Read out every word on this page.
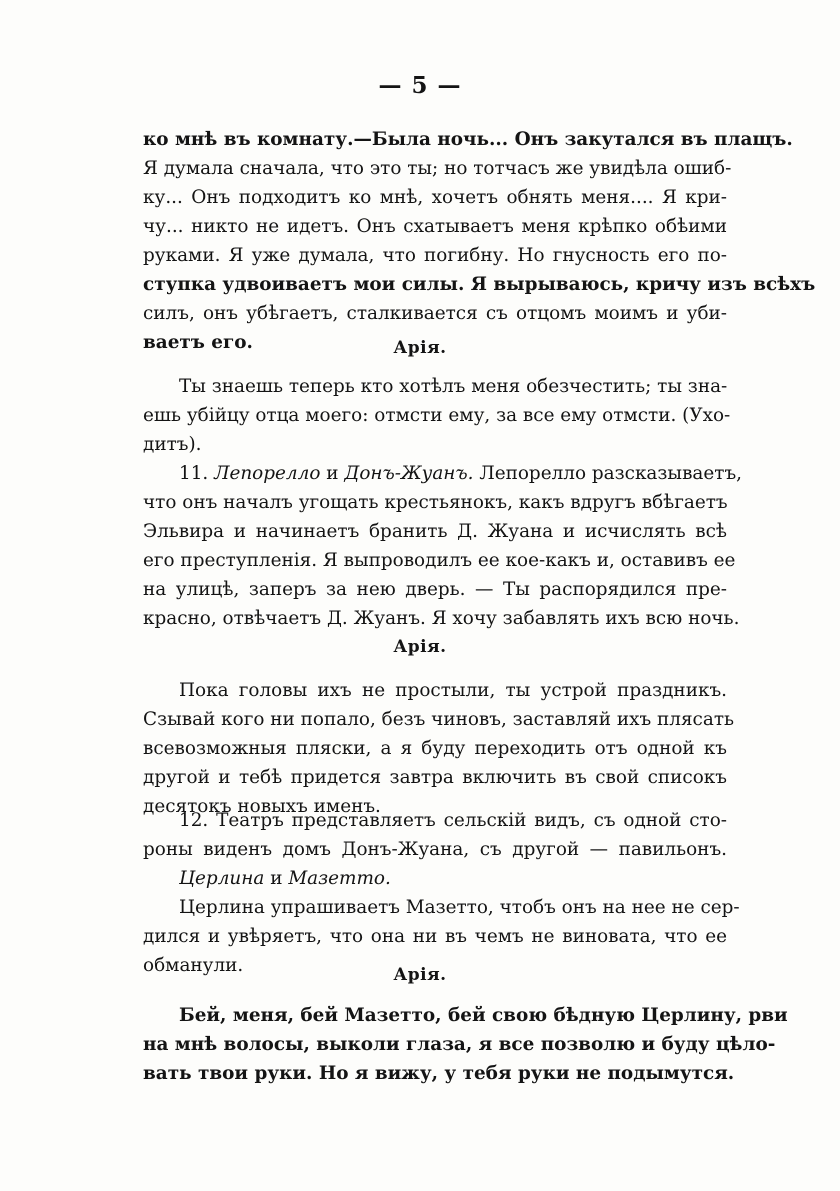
— 5 —
ко мнѣ въ комнату.—Была ночь... Онъ закутался въ плащъ.
Я думала сначала, что это ты; но тотчасъ же увидѣла ошиб-
ку... Онъ подходитъ ко мнѣ, хочетъ обнять меня.... Я кри-
чу... никто не идетъ. Онъ схатываетъ меня крѣпко обѣими
руками. Я уже думала, что погибну. Но гнусность его по-
ступка удвоиваетъ мои силы. Я вырываюсь, кричу изъ всѣхъ
силъ, онъ убѣгаетъ, сталкивается съ отцомъ моимъ и уби-
ваетъ его.	Арія.
Ты знаешь теперь кто хотѣлъ меня обезчестить; ты зна-
ешь убійцу отца моего: отмсти ему, за все ему отмсти. (Ухо-
дитъ).
11. Лепорелло и Донъ-Жуанъ. Лепорелло разсказываетъ,
что онъ началъ угощать крестьянокъ, какъ вдругъ вбѣгаетъ
Эльвира и начинаетъ бранить Д. Жуана и исчислять всѣ
его преступленія. Я выпроводилъ ее кое-какъ и, оставивъ ее
на улицѣ, заперъ за нею дверь. — Ты распорядился пре-
красно, отвѣчаетъ Д. Жуанъ. Я хочу забавлять ихъ всю ночь.
Арія.
Пока головы ихъ не простыли, ты устрой праздникъ.
Сзывай кого ни попало, безъ чиновъ, заставляй ихъ плясать
всевозможныя пляски, а я буду переходить отъ одной къ
другой и тебѣ придется завтра включить въ свой списокъ
десятокъ новыхъ именъ.
12. Театръ представляетъ сельскій видъ, съ одной сто-
роны виденъ домъ Донъ-Жуана, съ другой — павильонъ.
Церлина и Мазетто.
Церлина упрашиваетъ Мазетто, чтобъ онъ на нее не сер-
дился и увѣряетъ, что она ни въ чемъ не виновата, что ее
обманули.	Арія.
Бей, меня, бей Мазетто, бей свою бѣдную Церлину, рви
на мнѣ волосы, выколи глаза, я все позволю и буду цѣло-
вать твои руки. Но я вижу, у тебя руки не подымутся.
